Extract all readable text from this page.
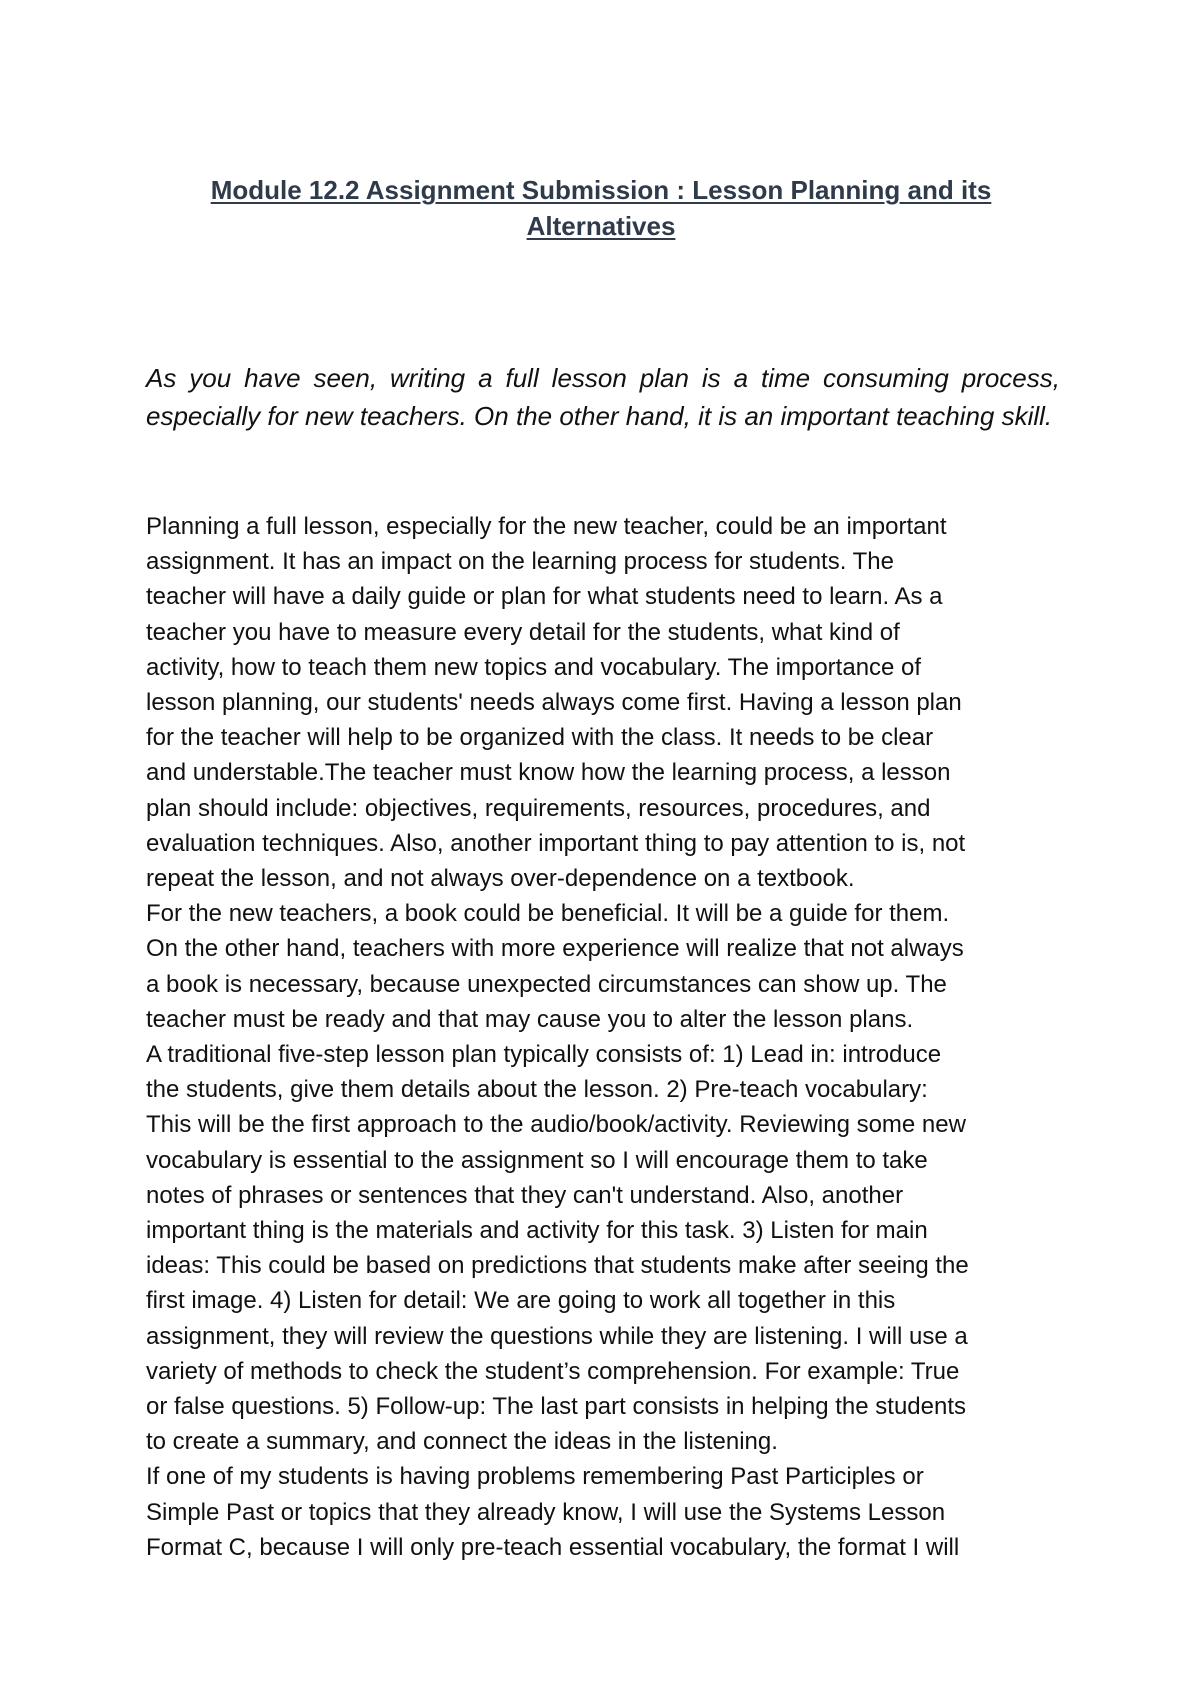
Module 12.2 Assignment Submission : Lesson Planning and its
Alternatives

As you have seen, writing a full lesson plan is a time consuming process, especially for new teachers. On the other hand, it is an important teaching skill.

Planning a full lesson, especially for the new teacher, could be an important
assignment. It has an impact on the learning process for students. The
teacher will have a daily guide or plan for what students need to learn. As a
teacher you have to measure every detail for the students, what kind of
activity, how to teach them new topics and vocabulary. The importance of
lesson planning, our students' needs always come first. Having a lesson plan
for the teacher will help to be organized with the class. It needs to be clear
and understable.The teacher must know how the learning process, a lesson
plan should include: objectives, requirements, resources, procedures, and
evaluation techniques. Also, another important thing to pay attention to is, not
repeat the lesson, and not always over-dependence on a textbook.
For the new teachers, a book could be beneficial. It will be a guide for them.
On the other hand, teachers with more experience will realize that not always
a book is necessary, because unexpected circumstances can show up. The
teacher must be ready and that may cause you to alter the lesson plans.
A traditional five-step lesson plan typically consists of: 1) Lead in: introduce
the students, give them details about the lesson. 2) Pre-teach vocabulary:
This will be the first approach to the audio/book/activity. Reviewing some new
vocabulary is essential to the assignment so I will encourage them to take
notes of phrases or sentences that they can't understand. Also, another
important thing is the materials and activity for this task. 3) Listen for main
ideas: This could be based on predictions that students make after seeing the
first image. 4) Listen for detail: We are going to work all together in this
assignment, they will review the questions while they are listening. I will use a
variety of methods to check the student’s comprehension. For example: True
or false questions. 5) Follow-up: The last part consists in helping the students
to create a summary, and connect the ideas in the listening.
If one of my students is having problems remembering Past Participles or
Simple Past or topics that they already know, I will use the Systems Lesson
Format C, because I will only pre-teach essential vocabulary, the format I will
